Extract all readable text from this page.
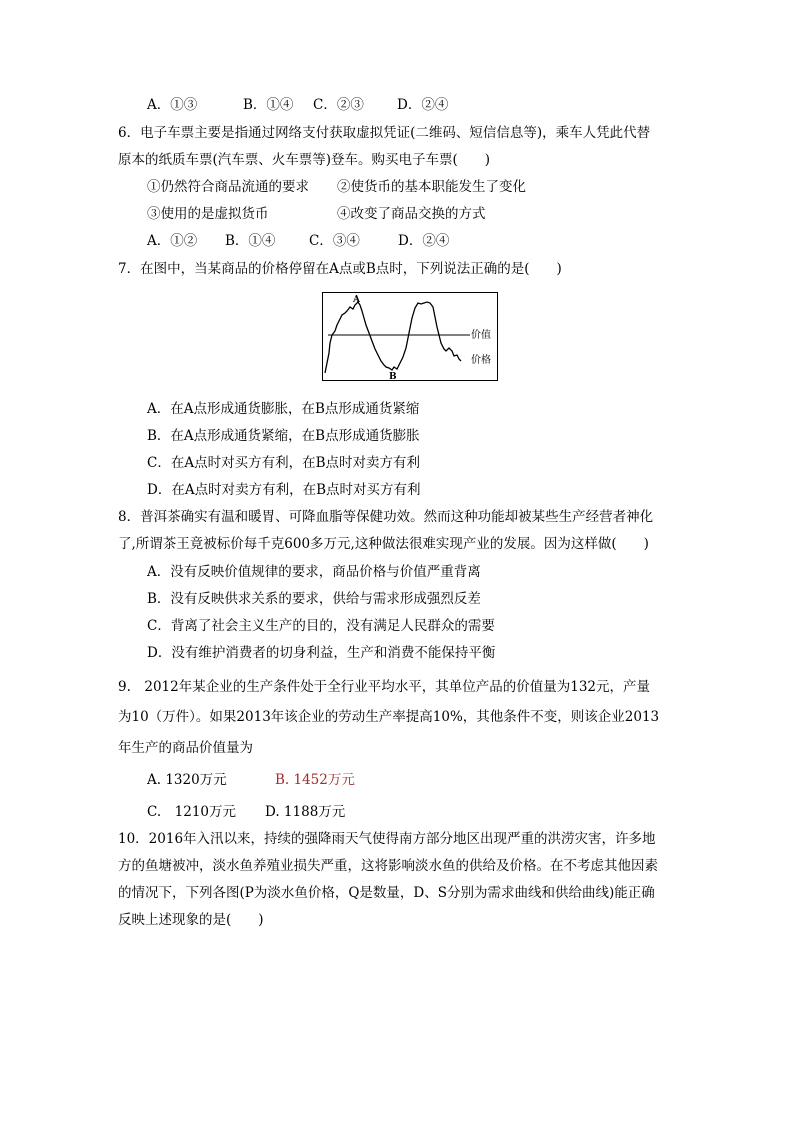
A．①③	B．①④ C．②③ D．②④
6．电子车票主要是指通过网络支付获取虚拟凭证(二维码、短信信息等)，乘车人凭此代替
原本的纸质车票(汽车票、火车票等)登车。购买电子车票(　　)
①仍然符合商品流通的要求 ②使货币的基本职能发生了变化
③使用的是虚拟货币	④改变了商品交换的方式
A．①② B．①④ C．③④	D．②④
7．在图中，当某商品的价格停留在A点或B点时，下列说法正确的是(　　)
A
B
价值
价格
A．在A点形成通货膨胀，在B点形成通货紧缩
B．在A点形成通货紧缩，在B点形成通货膨胀
C．在A点时对买方有利，在B点时对卖方有利
D．在A点时对卖方有利，在B点时对买方有利
8．普洱茶确实有温和暖胃、可降血脂等保健功效。然而这种功能却被某些生产经营者神化
了,所谓茶王竟被标价每千克600多万元,这种做法很难实现产业的发展。因为这样做(　　)
A．没有反映价值规律的要求，商品价格与价值严重背离
B．没有反映供求关系的要求，供给与需求形成强烈反差
C．背离了社会主义生产的目的，没有满足人民群众的需要
D．没有维护消费者的切身利益，生产和消费不能保持平衡
9.　2012年某企业的生产条件处于全行业平均水平，其单位产品的价值量为132元，产量
为10（万件）。如果2013年该企业的劳动生产率提高10%，其他条件不变，则该企业2013
年生产的商品价值量为
A. 1320万元	B. 1452万元
C.　1210万元 D. 1188万元
10．2016年入汛以来，持续的强降雨天气使得南方部分地区出现严重的洪涝灾害，许多地
方的鱼塘被冲，淡水鱼养殖业损失严重，这将影响淡水鱼的供给及价格。在不考虑其他因素
的情况下，下列各图(P为淡水鱼价格，Q是数量，D、S分别为需求曲线和供给曲线)能正确
反映上述现象的是(　　)
